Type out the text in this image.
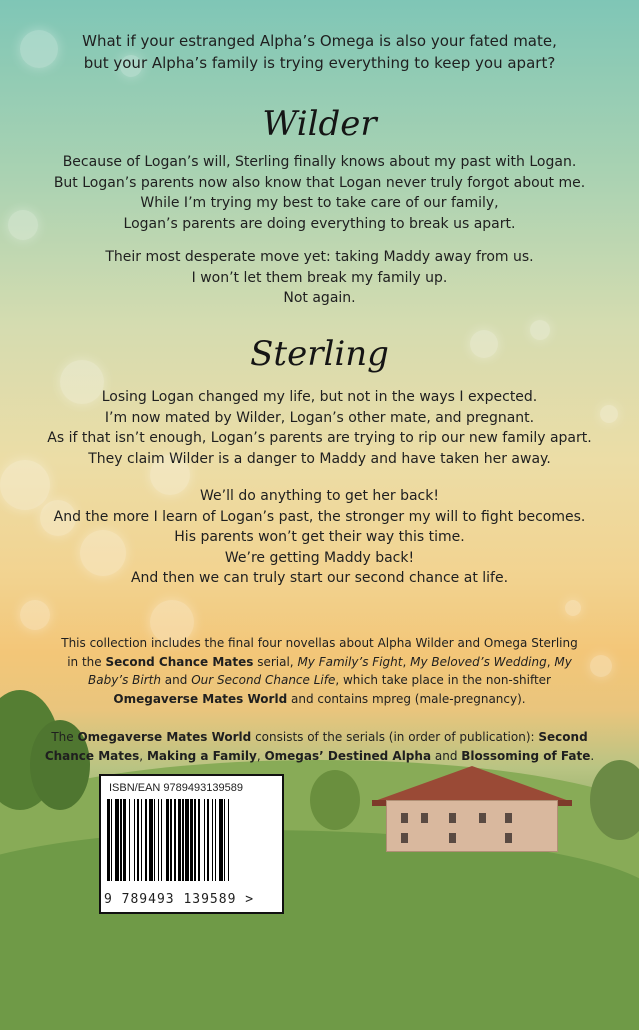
What if your estranged Alpha’s Omega is also your fated mate,
but your Alpha’s family is trying everything to keep you apart?
Wilder
Because of Logan’s will, Sterling finally knows about my past with Logan.
But Logan’s parents now also know that Logan never truly forgot about me.
While I’m trying my best to take care of our family,
Logan’s parents are doing everything to break us apart.
Their most desperate move yet: taking Maddy away from us.
I won’t let them break my family up.
Not again.
Sterling
Losing Logan changed my life, but not in the ways I expected.
I’m now mated by Wilder, Logan’s other mate, and pregnant.
As if that isn’t enough, Logan’s parents are trying to rip our new family apart.
They claim Wilder is a danger to Maddy and have taken her away.
We’ll do anything to get her back!
And the more I learn of Logan’s past, the stronger my will to fight becomes.
His parents won’t get their way this time.
We’re getting Maddy back!
And then we can truly start our second chance at life.
This collection includes the final four novellas about Alpha Wilder and Omega Sterling
in the Second Chance Mates serial, My Family’s Fight, My Beloved’s Wedding, My
Baby’s Birth and Our Second Chance Life, which take place in the non-shifter
Omegaverse Mates World and contains mpreg (male-pregnancy).
The Omegaverse Mates World consists of the serials (in order of publication): Second
Chance Mates, Making a Family, Omegas’ Destined Alpha and Blossoming of Fate.
ISBN/EAN 9789493139589
9 789493 139589 >
